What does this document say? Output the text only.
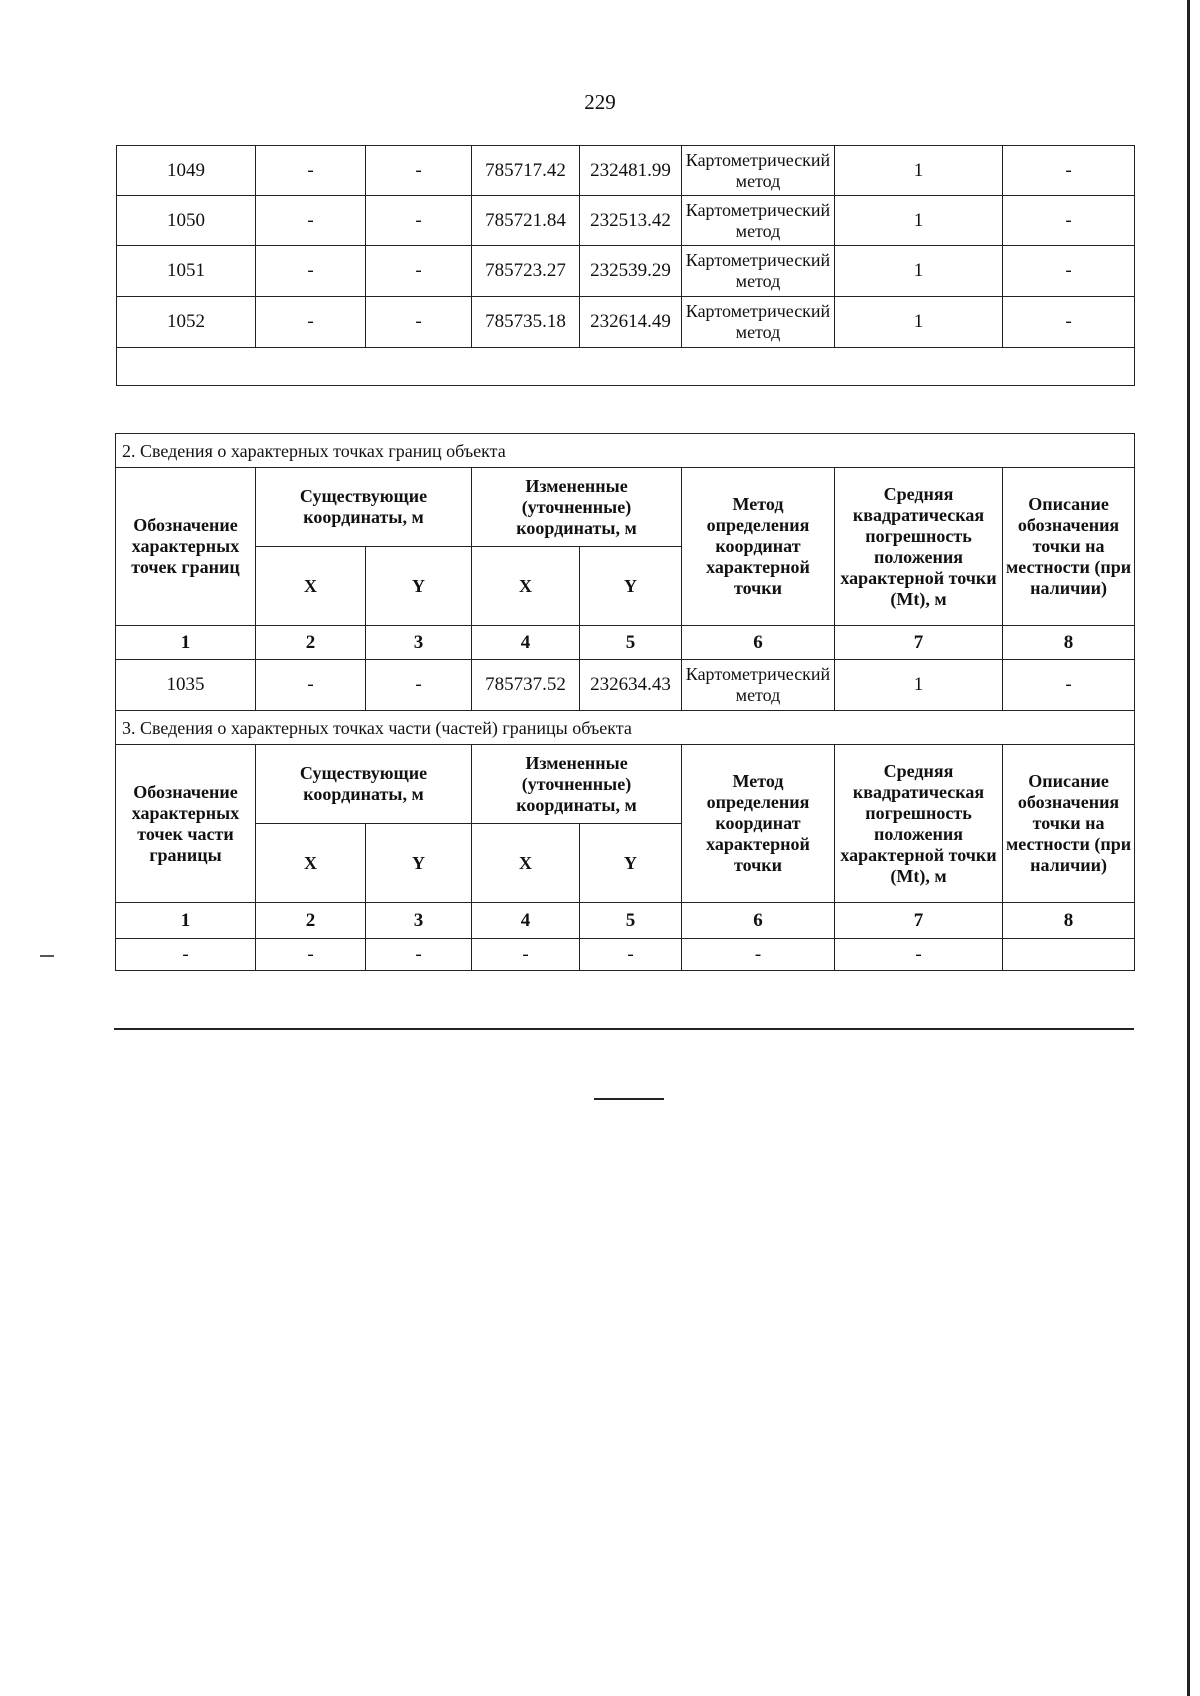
229
1049	-	-	785717.42	232481.99	Картометрический метод	1	-
1050	-	-	785721.84	232513.42	Картометрический метод	1	-
1051	-	-	785723.27	232539.29	Картометрический метод	1	-
1052	-	-	785735.18	232614.49	Картометрический метод	1	-

2. Сведения о характерных точках границ объекта							
Обозначение характерных точек границ	Существующие координаты, м		Измененные (уточненные) координаты, м		Метод определения координат характерной точки	Средняя квадратическая погрешность положения характерной точки (Mt), м	Описание обозначения точки на местности (при наличии)
	X	Y	X	Y			
1	2	3	4	5	6	7	8
1035	-	-	785737.52	232634.43	Картометрический метод	1	-
3. Сведения о характерных точках части (частей) границы объекта							
Обозначение характерных точек части границы	Существующие координаты, м		Измененные (уточненные) координаты, м		Метод определения координат характерной точки	Средняя квадратическая погрешность положения характерной точки (Mt), м	Описание обозначения точки на местности (при наличии)
	X	Y	X	Y			
1	2	3	4	5	6	7	8
-	-	-	-	-	-	-	
